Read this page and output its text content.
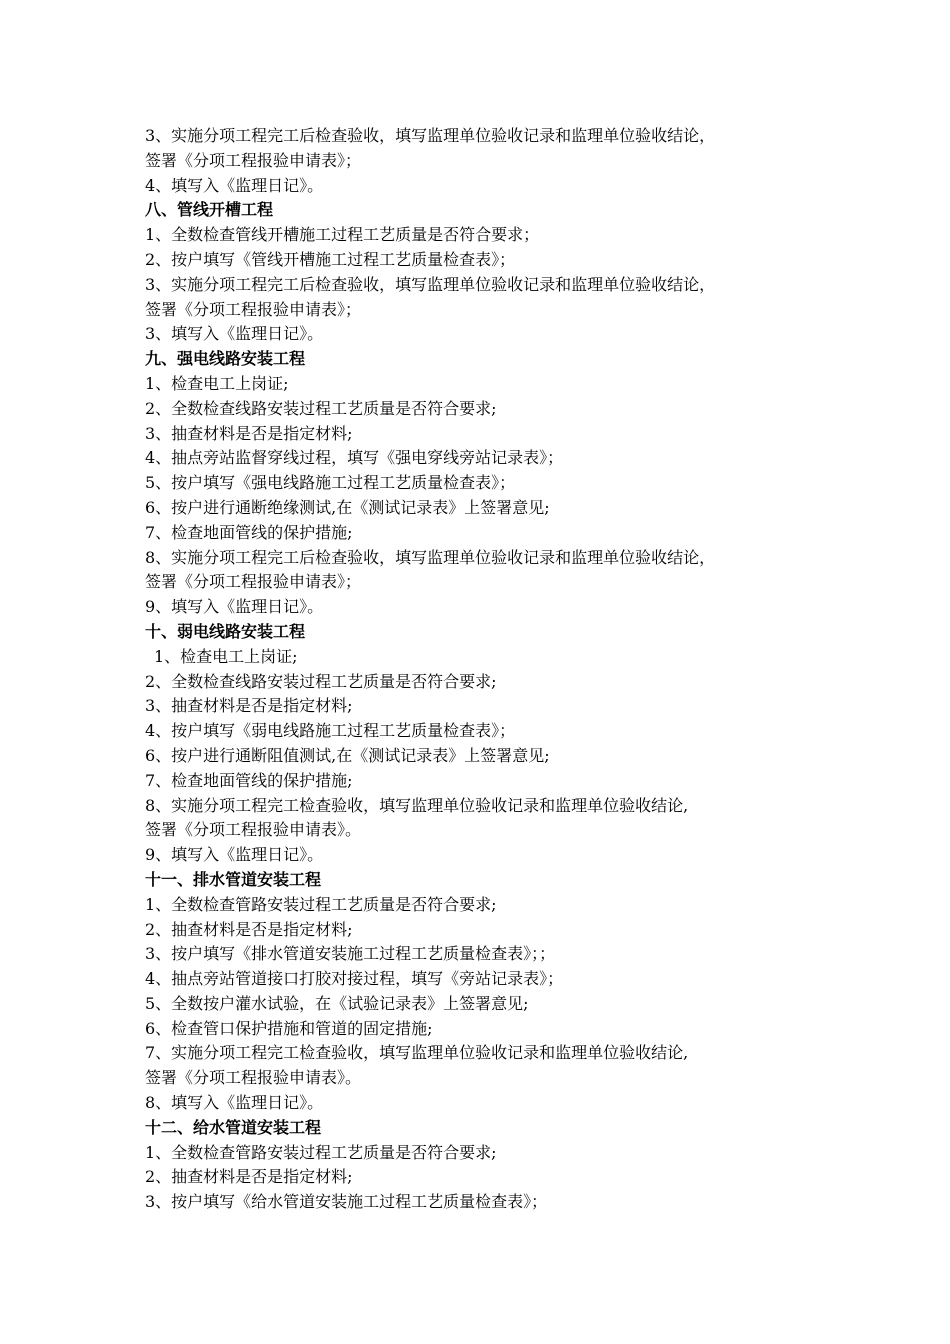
3、实施分项工程完工后检查验收，填写监理单位验收记录和监理单位验收结论，
签署《分项工程报验申请表》；
4、填写入《监理日记》。
八、管线开槽工程
1、全数检查管线开槽施工过程工艺质量是否符合要求；
2、按户填写《管线开槽施工过程工艺质量检查表》；
3、实施分项工程完工后检查验收，填写监理单位验收记录和监理单位验收结论，
签署《分项工程报验申请表》；
3、填写入《监理日记》。
九、强电线路安装工程
1、检查电工上岗证;
2、全数检查线路安装过程工艺质量是否符合要求;
3、抽查材料是否是指定材料;
4、抽点旁站监督穿线过程，填写《强电穿线旁站记录表》；
5、按户填写《强电线路施工过程工艺质量检查表》；
6、按户进行通断绝缘测试,在《测试记录表》上签署意见;
7、检查地面管线的保护措施;
8、实施分项工程完工后检查验收，填写监理单位验收记录和监理单位验收结论，
签署《分项工程报验申请表》；
9、填写入《监理日记》。
十、弱电线路安装工程
1、检查电工上岗证;
2、全数检查线路安装过程工艺质量是否符合要求;
3、抽查材料是否是指定材料;
4、按户填写《弱电线路施工过程工艺质量检查表》；
6、按户进行通断阻值测试,在《测试记录表》上签署意见;
7、检查地面管线的保护措施;
8、实施分项工程完工检查验收，填写监理单位验收记录和监理单位验收结论,
签署《分项工程报验申请表》。
9、填写入《监理日记》。
十一、排水管道安装工程
1、全数检查管路安装过程工艺质量是否符合要求;
2、抽查材料是否是指定材料;
3、按户填写《排水管道安装施工过程工艺质量检查表》；；
4、抽点旁站管道接口打胶对接过程，填写《旁站记录表》；
5、全数按户灌水试验，在《试验记录表》上签署意见;
6、检查管口保护措施和管道的固定措施;
7、实施分项工程完工检查验收，填写监理单位验收记录和监理单位验收结论,
签署《分项工程报验申请表》。
8、填写入《监理日记》。
十二、给水管道安装工程
1、全数检查管路安装过程工艺质量是否符合要求;
2、抽查材料是否是指定材料;
3、按户填写《给水管道安装施工过程工艺质量检查表》；
